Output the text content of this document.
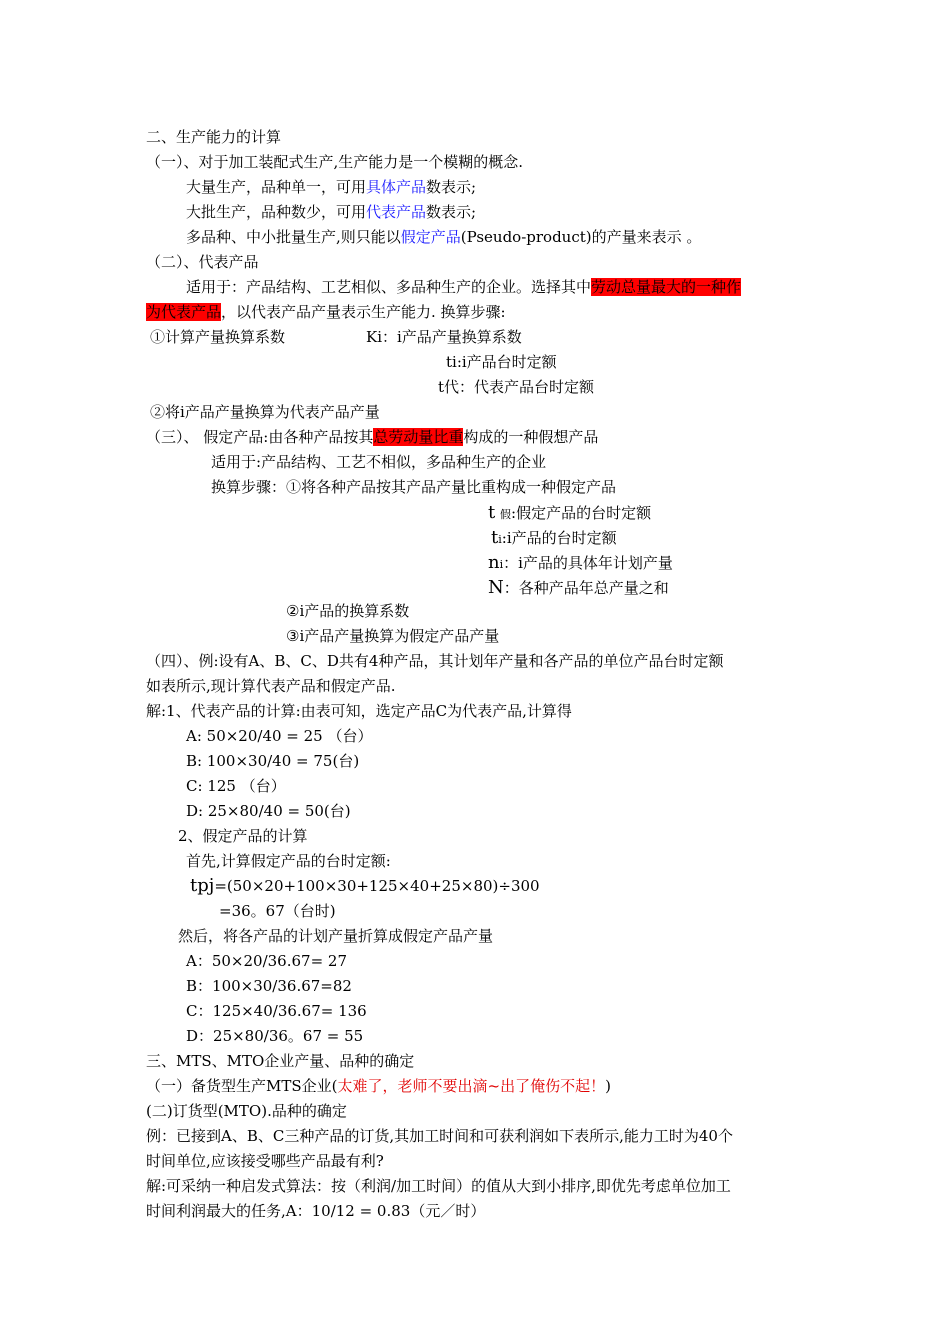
二、生产能力的计算
（一）、对于加工装配式生产,生产能力是一个模糊的概念.
大量生产，品种单一，可用具体产品数表示;
大批生产，品种数少，可用代表产品数表示;
多品种、中小批量生产,则只能以假定产品(Pseudo-product)的产量来表示 。
（二）、代表产品
适用于：产品结构、工艺相似、多品种生产的企业。选择其中劳动总量最大的一种作
为代表产品，以代表产品产量表示生产能力. 换算步骤:
①计算产量换算系数	Ki：i产品产量换算系数
ti:i产品台时定额
t代：代表产品台时定额
②将i产品产量换算为代表产品产量
（三）、 假定产品:由各种产品按其总劳动量比重构成的一种假想产品
适用于:产品结构、工艺不相似，多品种生产的企业
换算步骤：①将各种产品按其产品产量比重构成一种假定产品
t 假:假定产品的台时定额
ti:i产品的台时定额
ni：i产品的具体年计划产量
N：各种产品年总产量之和
②i产品的换算系数
③i产品产量换算为假定产品产量
（四）、例:设有A、B、C、D共有4种产品，其计划年产量和各产品的单位产品台时定额
如表所示,现计算代表产品和假定产品.
解:1、代表产品的计算:由表可知，选定产品C为代表产品,计算得
A: 50×20/40 = 25 （台）
B: 100×30/40 = 75(台)
C: 125 （台）
D: 25×80/40 = 50(台)
2、假定产品的计算
首先,计算假定产品的台时定额:
tpj=(50×20+100×30+125×40+25×80)÷300
=36。67（台时)
然后，将各产品的计划产量折算成假定产品产量
A：50×20/36.67= 27
B：100×30/36.67=82
C：125×40/36.67= 136
D：25×80/36。67 = 55
三、MTS、MTO企业产量、品种的确定
（一）备货型生产MTS企业(太难了，老师不要出滴~出了俺伤不起！)
(二)订货型(MTO).品种的确定
例：已接到A、B、C三种产品的订货,其加工时间和可获利润如下表所示,能力工时为40个
时间单位,应该接受哪些产品最有利?
解:可采纳一种启发式算法：按（利润/加工时间）的值从大到小排序,即优先考虑单位加工
时间利润最大的任务,A：10/12 = 0.83（元／时）
